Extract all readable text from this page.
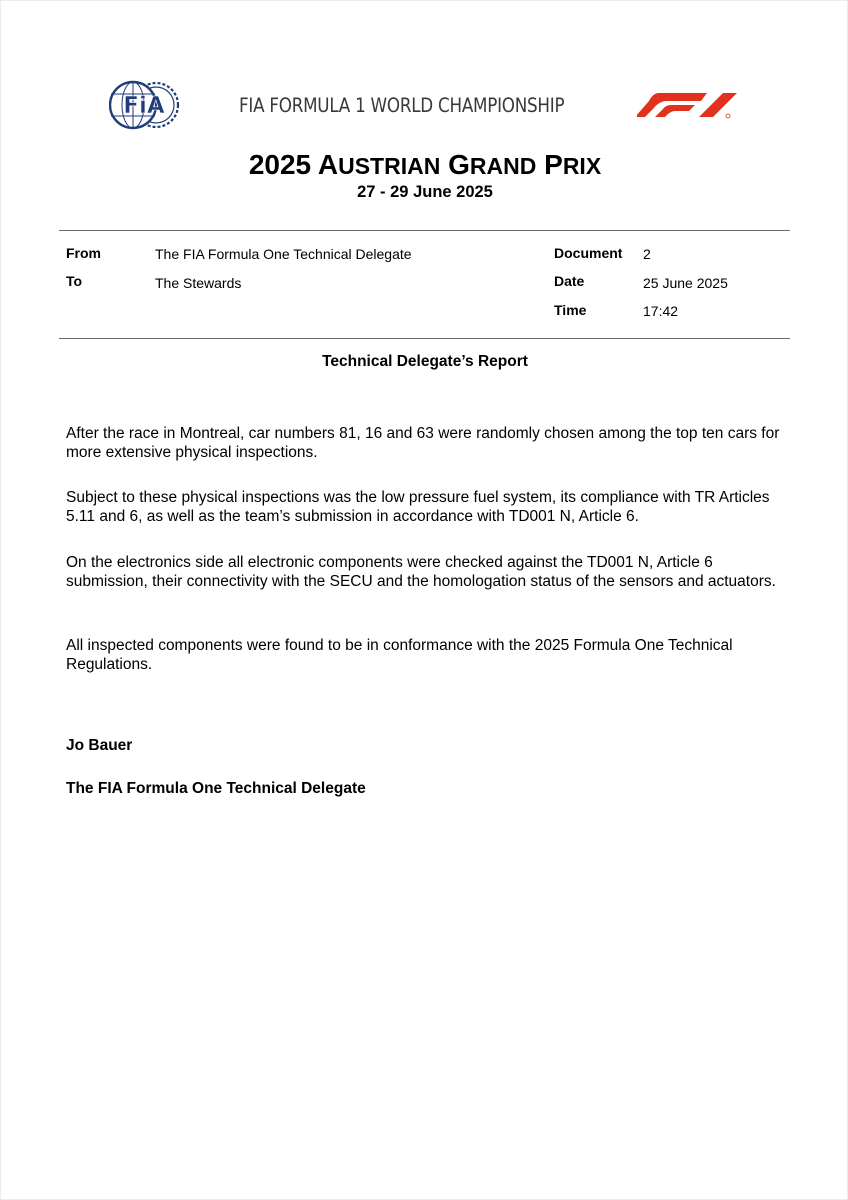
FiA	FIA FORMULA 1 WORLD CHAMPIONSHIP
2025 AUSTRIAN GRAND PRIX
27 - 29 June 2025
From	The FIA Formula One Technical Delegate
To	The Stewards
Document 2
Date	25 June 2025
Time	17:42
Technical Delegate’s Report
After the race in Montreal, car numbers 81, 16 and 63 were randomly chosen among the top ten cars for more extensive physical inspections.
Subject to these physical inspections was the low pressure fuel system, its compliance with TR Articles 5.11 and 6, as well as the team’s submission in accordance with TD001 N, Article 6.
On the electronics side all electronic components were checked against the TD001 N, Article 6 submission, their connectivity with the SECU and the homologation status of the sensors and actuators.
All inspected components were found to be in conformance with the 2025 Formula One Technical Regulations.
Jo Bauer
The FIA Formula One Technical Delegate
